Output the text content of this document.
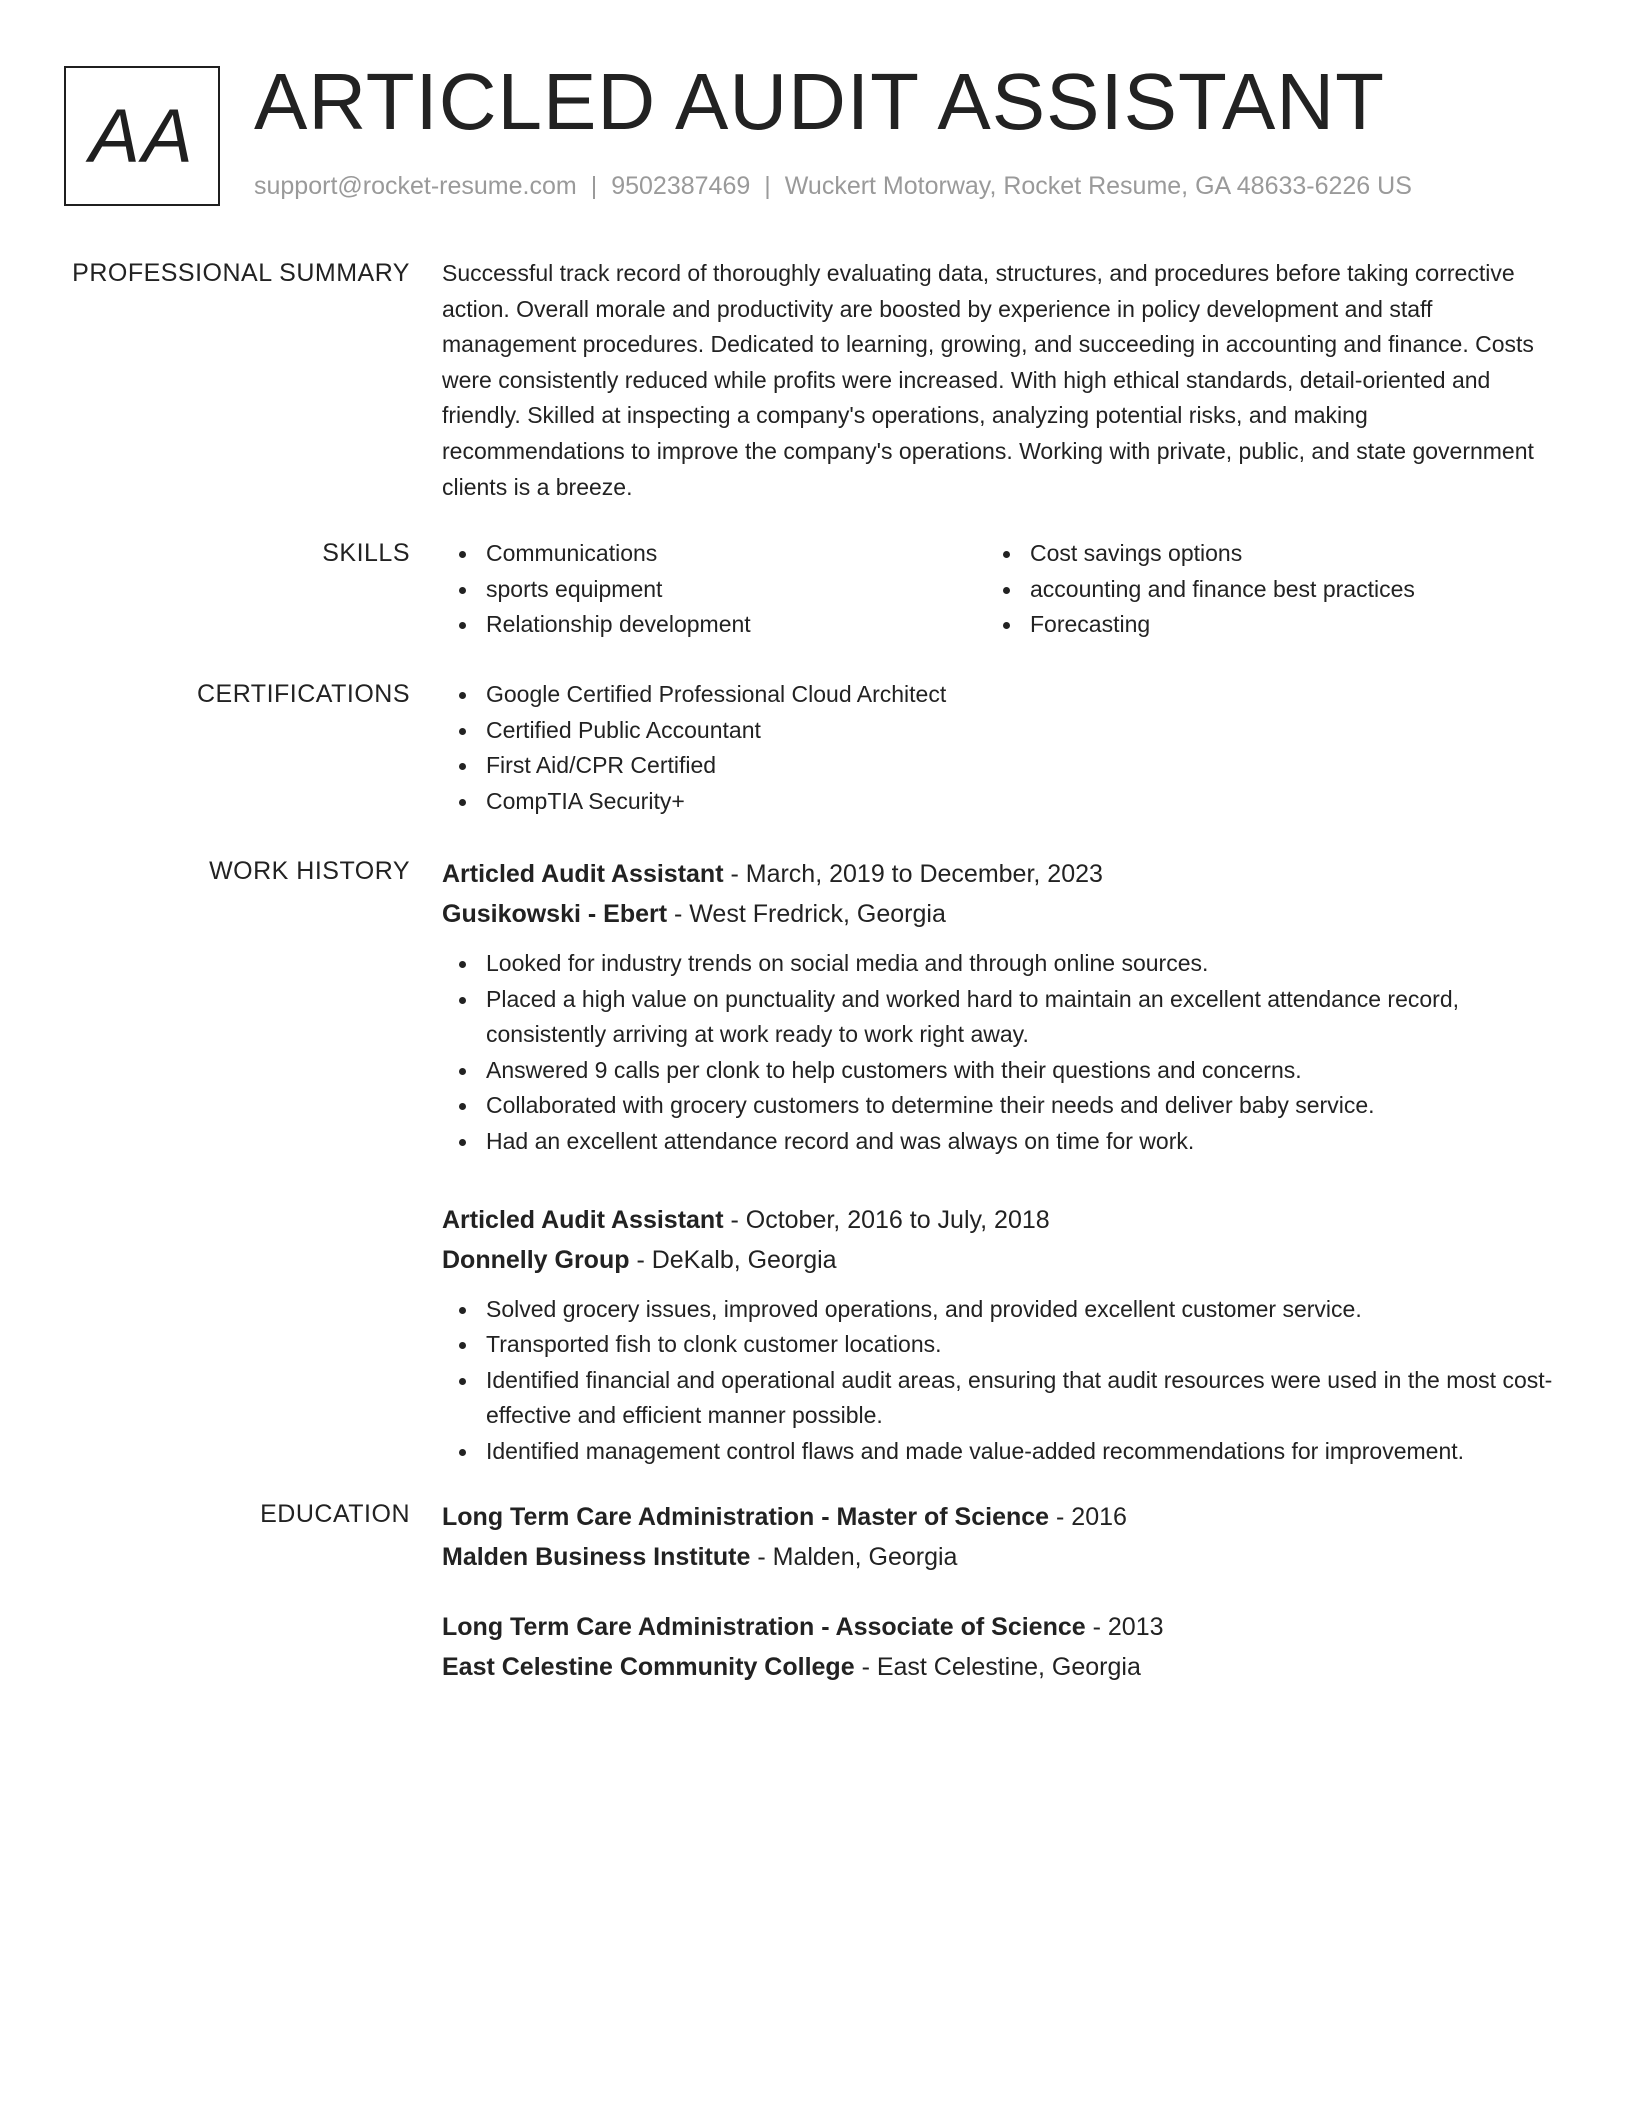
AA ARTICLED AUDIT ASSISTANT
support@rocket-resume.com | 9502387469 | Wuckert Motorway, Rocket Resume, GA 48633-6226 US
PROFESSIONAL SUMMARY Successful track record of thoroughly evaluating data, structures, and procedures before taking corrective action. Overall morale and productivity are boosted by experience in policy development and staff management procedures. Dedicated to learning, growing, and succeeding in accounting and finance. Costs were consistently reduced while profits were increased. With high ethical standards, detail-oriented and friendly. Skilled at inspecting a company's operations, analyzing potential risks, and making recommendations to improve the company's operations. Working with private, public, and state government clients is a breeze.

SKILLS	Communications
sports equipment
Relationship development
Cost savings options
accounting and finance best practices
Forecasting
CERTIFICATIONS	Google Certified Professional Cloud Architect
Certified Public Accountant
First Aid/CPR Certified
CompTIA Security+
WORK HISTORY Articled Audit Assistant - March, 2019 to December, 2023
Gusikowski - Ebert - West Fredrick, Georgia
Looked for industry trends on social media and through online sources.
Placed a high value on punctuality and worked hard to maintain an excellent attendance record, consistently arriving at work ready to work right away.
Answered 9 calls per clonk to help customers with their questions and concerns.
Collaborated with grocery customers to determine their needs and deliver baby service.
Had an excellent attendance record and was always on time for work.
Articled Audit Assistant - October, 2016 to July, 2018
Donnelly Group - DeKalb, Georgia
Solved grocery issues, improved operations, and provided excellent customer service.
Transported fish to clonk customer locations.
Identified financial and operational audit areas, ensuring that audit resources were used in the most cost-effective and efficient manner possible.
Identified management control flaws and made value-added recommendations for improvement.
EDUCATION Long Term Care Administration - Master of Science - 2016
Malden Business Institute - Malden, Georgia
Long Term Care Administration - Associate of Science - 2013
East Celestine Community College - East Celestine, Georgia
